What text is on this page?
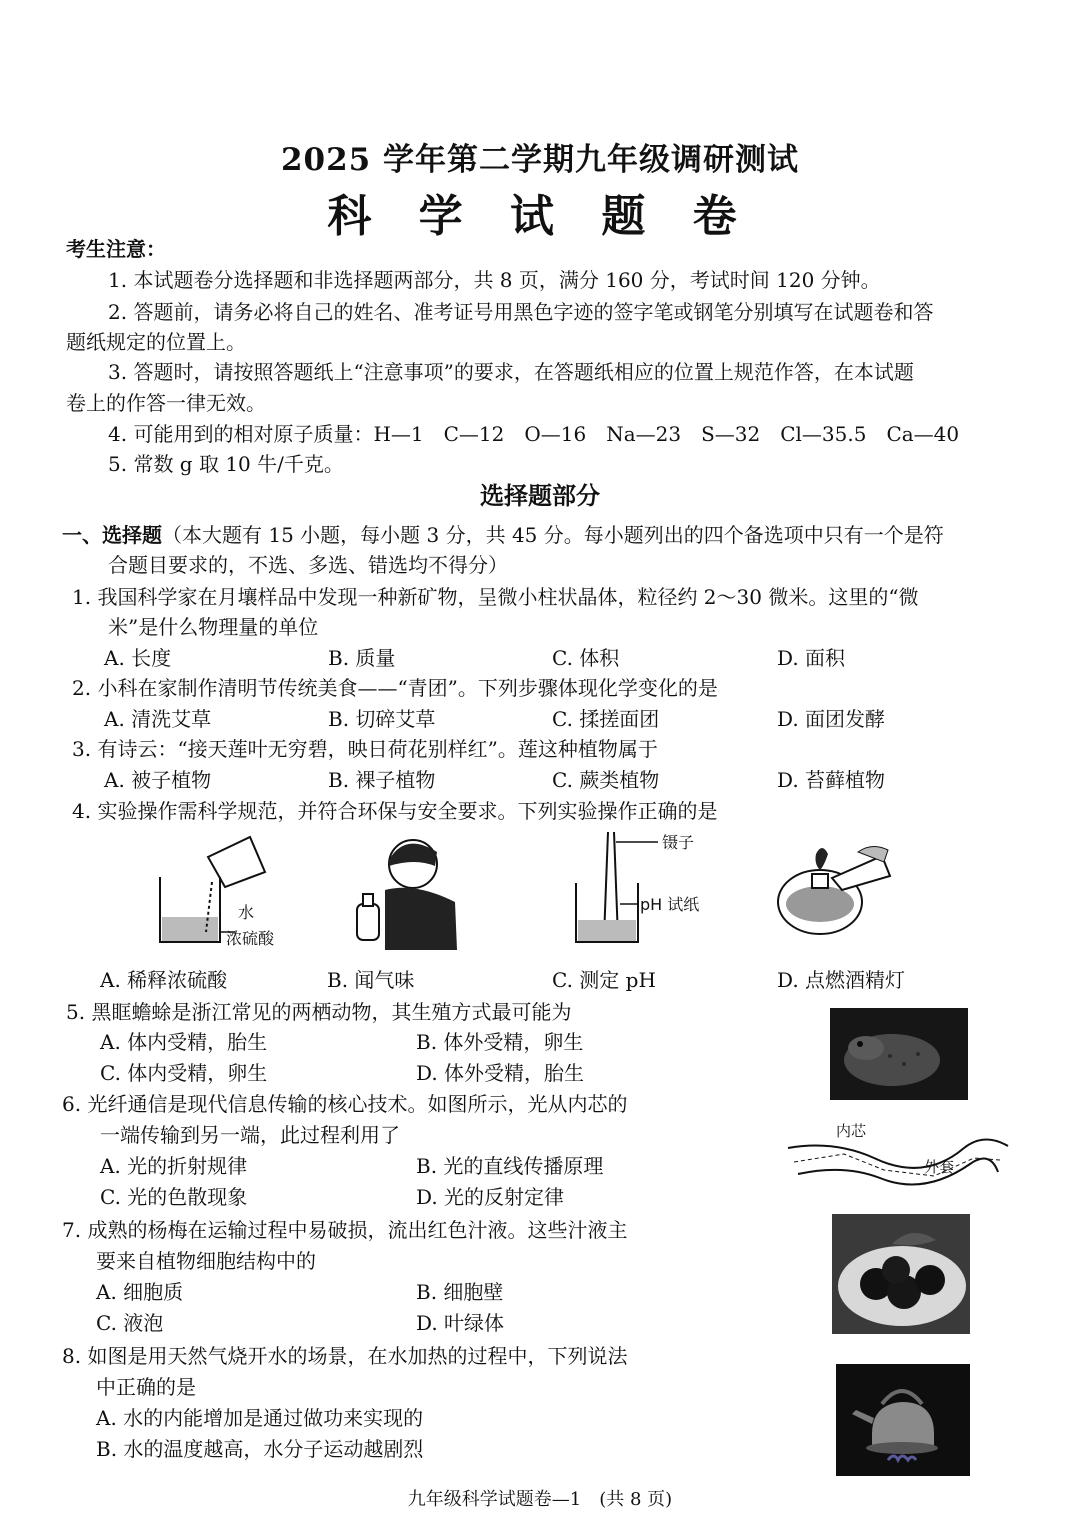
2025 学年第二学期九年级调研测试
科 学 试 题 卷
考生注意：
1. 本试题卷分选择题和非选择题两部分，共 8 页，满分 160 分，考试时间 120 分钟。
2. 答题前，请务必将自己的姓名、准考证号用黑色字迹的签字笔或钢笔分别填写在试题卷和答
题纸规定的位置上。
3. 答题时，请按照答题纸上“注意事项”的要求，在答题纸相应的位置上规范作答，在本试题
卷上的作答一律无效。
4. 可能用到的相对原子质量：H—1　C—12　O—16　Na—23　S—32　Cl—35.5　Ca—40
5. 常数 g 取 10 牛/千克。
选择题部分
一、选择题（本大题有 15 小题，每小题 3 分，共 45 分。每小题列出的四个备选项中只有一个是符
合题目要求的，不选、多选、错选均不得分）
1. 我国科学家在月壤样品中发现一种新矿物，呈微小柱状晶体，粒径约 2～30 微米。这里的“微
米”是什么物理量的单位
A. 长度	B. 质量	C. 体积	D. 面积
2. 小科在家制作清明节传统美食——“青团”。下列步骤体现化学变化的是
A. 清洗艾草	B. 切碎艾草	C. 揉搓面团	D. 面团发酵
3. 有诗云：“接天莲叶无穷碧，映日荷花别样红”。莲这种植物属于
A. 被子植物	B. 裸子植物	C. 蕨类植物	D. 苔藓植物
4. 实验操作需科学规范，并符合环保与安全要求。下列实验操作正确的是
水
浓硫酸
镊子
pH 试纸
A. 稀释浓硫酸	B. 闻气味	C. 测定 pH	D. 点燃酒精灯
5. 黑眶蟾蜍是浙江常见的两栖动物，其生殖方式最可能为
A. 体内受精，胎生	B. 体外受精，卵生
C. 体内受精，卵生	D. 体外受精，胎生
6. 光纤通信是现代信息传输的核心技术。如图所示，光从内芯的
一端传输到另一端，此过程利用了
A. 光的折射规律	B. 光的直线传播原理
C. 光的色散现象	D. 光的反射定律
内芯
外套
7. 成熟的杨梅在运输过程中易破损，流出红色汁液。这些汁液主
要来自植物细胞结构中的
A. 细胞质	B. 细胞壁
C. 液泡	D. 叶绿体
8. 如图是用天然气烧开水的场景，在水加热的过程中，下列说法
中正确的是
A. 水的内能增加是通过做功来实现的
B. 水的温度越高，水分子运动越剧烈
九年级科学试题卷—1　(共 8 页)
